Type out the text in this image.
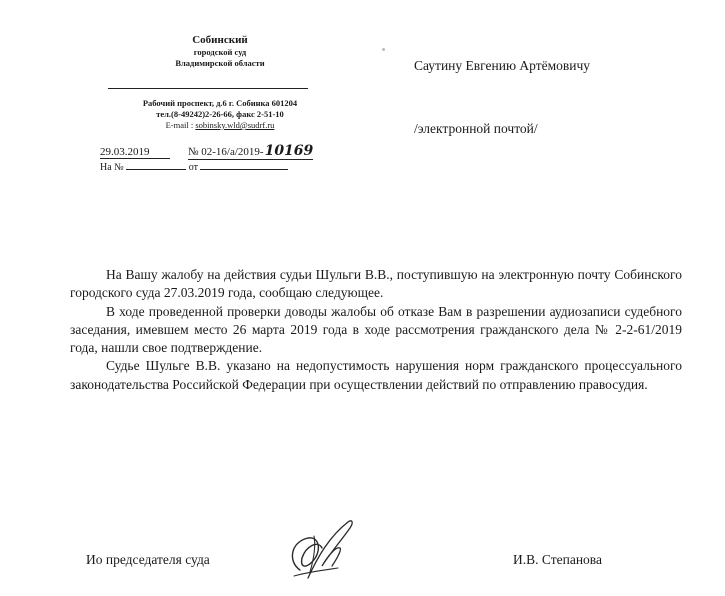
Собинский
городской суд
Владимирской области
Рабочий проспект, д.6 г. Собинка 601204
тел.(8-49242)2-26-66, факс 2-51-10
E-mail : sobinsky.wld@sudrf.ru
29.03.2019	№ 02-16/а/2019-10169
На №	от
Саутину Евгению Артёмовичу
/электронной почтой/

На Вашу жалобу на действия судьи Шульги В.В., поступившую на электронную почту Собинского городского суда 27.03.2019 года, сообщаю следующее.

В ходе проведенной проверки доводы жалобы об отказе Вам в разрешении аудиозаписи судебного заседания, имевшем место 26 марта 2019 года в ходе рассмотрения гражданского дела № 2-2-61/2019 года, нашли свое подтверждение.

Судье Шульге В.В. указано на недопустимость нарушения норм гражданского процессуального законодательства Российской Федерации при осуществлении действий по отправлению правосудия.

Ио председателя суда	И.В. Степанова
